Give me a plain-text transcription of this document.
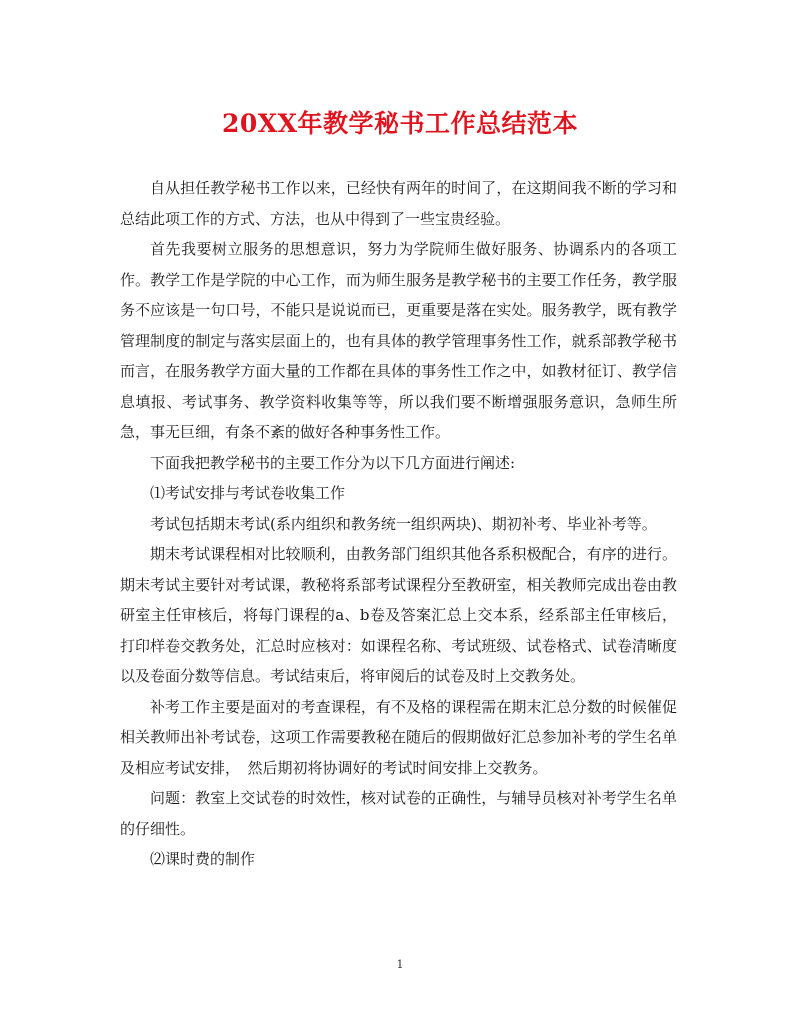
20XX年教学秘书工作总结范本

自从担任教学秘书工作以来，已经快有两年的时间了，在这期间我不断的学习和总结此项工作的方式、方法，也从中得到了一些宝贵经验。

首先我要树立服务的思想意识，努力为学院师生做好服务、协调系内的各项工作。教学工作是学院的中心工作，而为师生服务是教学秘书的主要工作任务，教学服务不应该是一句口号，不能只是说说而已，更重要是落在实处。服务教学，既有教学管理制度的制定与落实层面上的，也有具体的教学管理事务性工作，就系部教学秘书而言，在服务教学方面大量的工作都在具体的事务性工作之中，如教材征订、教学信息填报、考试事务、教学资料收集等等，所以我们要不断增强服务意识，急师生所急，事无巨细，有条不紊的做好各种事务性工作。

下面我把教学秘书的主要工作分为以下几方面进行阐述:

⑴考试安排与考试卷收集工作

考试包括期末考试(系内组织和教务统一组织两块)、期初补考、毕业补考等。

期末考试课程相对比较顺利，由教务部门组织其他各系积极配合，有序的进行。期末考试主要针对考试课，教秘将系部考试课程分至教研室，相关教师完成出卷由教研室主任审核后，将每门课程的a、b卷及答案汇总上交本系，经系部主任审核后，打印样卷交教务处，汇总时应核对：如课程名称、考试班级、试卷格式、试卷清晰度以及卷面分数等信息。考试结束后，将审阅后的试卷及时上交教务处。

补考工作主要是面对的考查课程，有不及格的课程需在期末汇总分数的时候催促相关教师出补考试卷，这项工作需要教秘在随后的假期做好汇总参加补考的学生名单及相应考试安排，　然后期初将协调好的考试时间安排上交教务。

问题：教室上交试卷的时效性，核对试卷的正确性，与辅导员核对补考学生名单的仔细性。

⑵课时费的制作

1
